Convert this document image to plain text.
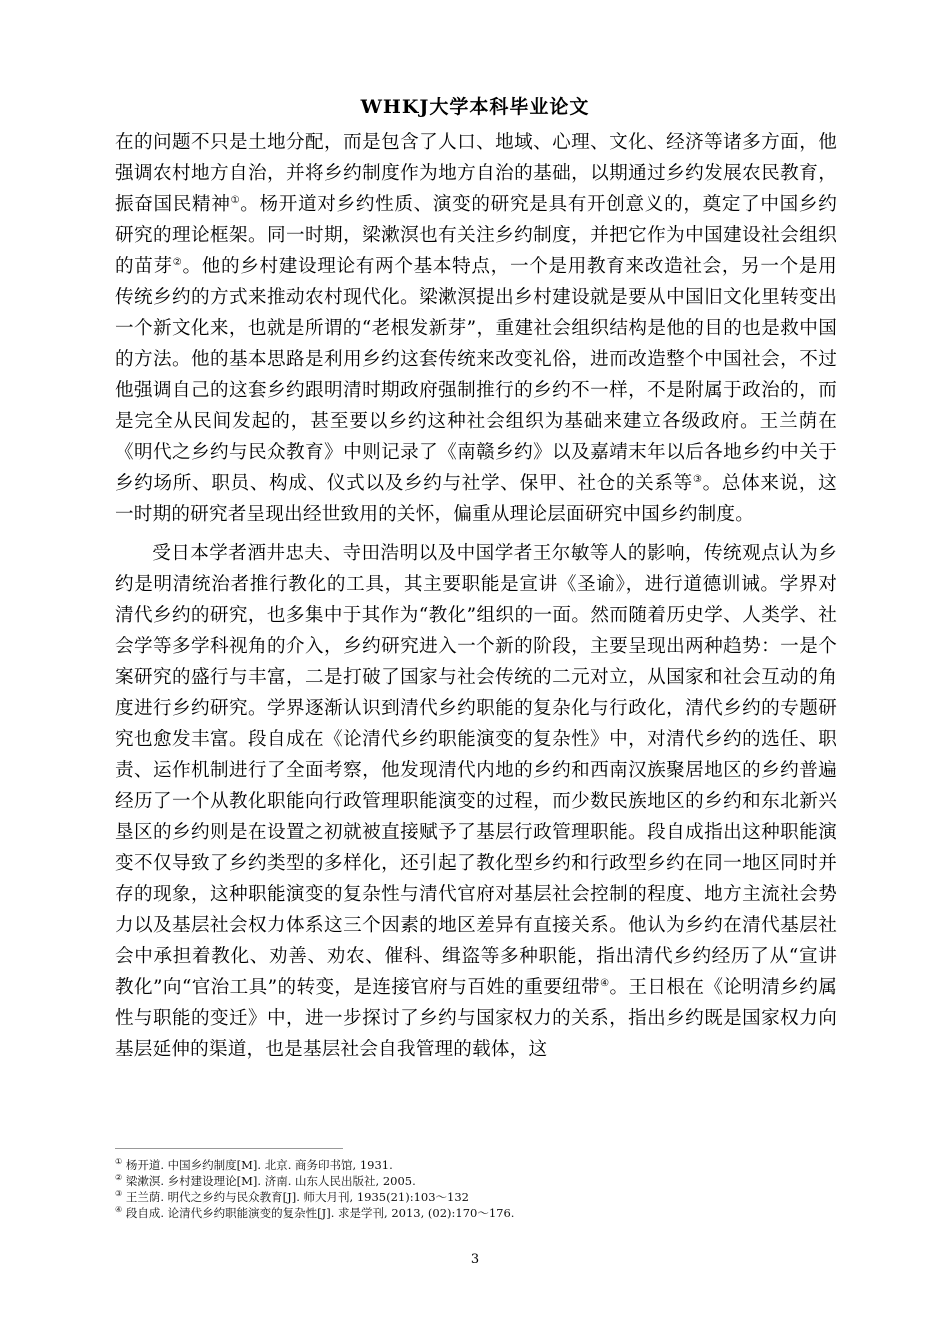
WHKJ大学本科毕业论文

在的问题不只是土地分配，而是包含了人口、地域、心理、文化、经济等诸多方面，他强调农村地方自治，并将乡约制度作为地方自治的基础，以期通过乡约发展农民教育，振奋国民精神①。杨开道对乡约性质、演变的研究是具有开创意义的，奠定了中国乡约研究的理论框架。同一时期，梁漱溟也有关注乡约制度，并把它作为中国建设社会组织的苗芽②。他的乡村建设理论有两个基本特点，一个是用教育来改造社会，另一个是用传统乡约的方式来推动农村现代化。梁漱溟提出乡村建设就是要从中国旧文化里转变出一个新文化来，也就是所谓的“老根发新芽”，重建社会组织结构是他的目的也是救中国的方法。他的基本思路是利用乡约这套传统来改变礼俗，进而改造整个中国社会，不过他强调自己的这套乡约跟明清时期政府强制推行的乡约不一样，不是附属于政治的，而是完全从民间发起的，甚至要以乡约这种社会组织为基础来建立各级政府。王兰荫在《明代之乡约与民众教育》中则记录了《南赣乡约》以及嘉靖末年以后各地乡约中关于乡约场所、职员、构成、仪式以及乡约与社学、保甲、社仓的关系等③。总体来说，这一时期的研究者呈现出经世致用的关怀，偏重从理论层面研究中国乡约制度。

受日本学者酒井忠夫、寺田浩明以及中国学者王尔敏等人的影响，传统观点认为乡约是明清统治者推行教化的工具，其主要职能是宣讲《圣谕》，进行道德训诫。学界对清代乡约的研究，也多集中于其作为“教化”组织的一面。然而随着历史学、人类学、社会学等多学科视角的介入，乡约研究进入一个新的阶段，主要呈现出两种趋势：一是个案研究的盛行与丰富，二是打破了国家与社会传统的二元对立，从国家和社会互动的角度进行乡约研究。学界逐渐认识到清代乡约职能的复杂化与行政化，清代乡约的专题研究也愈发丰富。段自成在《论清代乡约职能演变的复杂性》中，对清代乡约的选任、职责、运作机制进行了全面考察，他发现清代内地的乡约和西南汉族聚居地区的乡约普遍经历了一个从教化职能向行政管理职能演变的过程，而少数民族地区的乡约和东北新兴垦区的乡约则是在设置之初就被直接赋予了基层行政管理职能。段自成指出这种职能演变不仅导致了乡约类型的多样化，还引起了教化型乡约和行政型乡约在同一地区同时并存的现象，这种职能演变的复杂性与清代官府对基层社会控制的程度、地方主流社会势力以及基层社会权力体系这三个因素的地区差异有直接关系。他认为乡约在清代基层社会中承担着教化、劝善、劝农、催科、缉盗等多种职能，指出清代乡约经历了从“宣讲教化”向“官治工具”的转变，是连接官府与百姓的重要纽带④。王日根在《论明清乡约属性与职能的变迁》中，进一步探讨了乡约与国家权力的关系，指出乡约既是国家权力向基层延伸的渠道，也是基层社会自我管理的载体，这

① 杨开道. 中国乡约制度[M]. 北京. 商务印书馆, 1931.

② 梁漱溟. 乡村建设理论[M]. 济南. 山东人民出版社, 2005.

③ 王兰荫. 明代之乡约与民众教育[J]. 师大月刊, 1935(21):103～132

④ 段自成. 论清代乡约职能演变的复杂性[J]. 求是学刊, 2013, (02):170～176.

3
